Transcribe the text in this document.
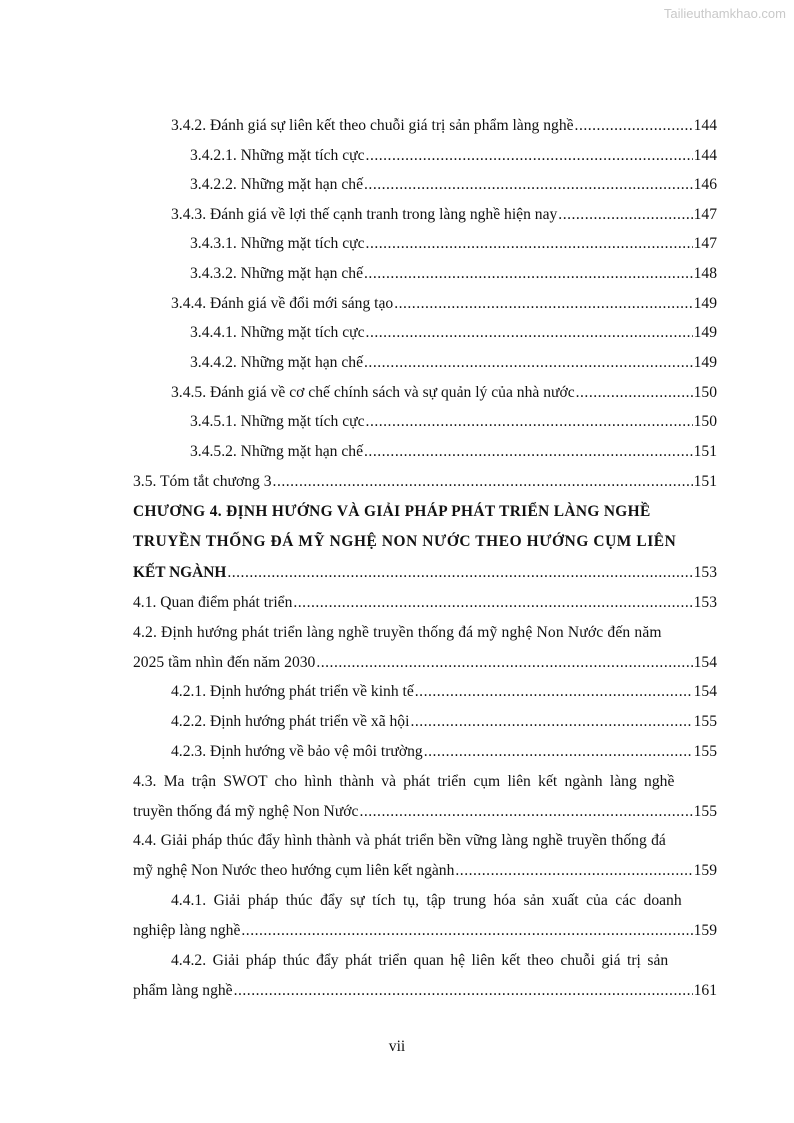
Tailieuthamkhao.com
3.4.2. Đánh giá sự liên kết theo chuỗi giá trị sản phẩm làng nghề .....	144
3.4.2.1. Những mặt tích cực .....	144
3.4.2.2. Những mặt hạn chế .....	146
3.4.3. Đánh giá về lợi thế cạnh tranh trong làng nghề hiện nay .....	147
3.4.3.1. Những mặt tích cực .....	147
3.4.3.2. Những mặt hạn chế .....	148
3.4.4. Đánh giá về đổi mới sáng tạo .....	149
3.4.4.1. Những mặt tích cực .....	149
3.4.4.2. Những mặt hạn chế .....	149
3.4.5. Đánh giá về cơ chế chính sách và sự quản lý của nhà nước .....	150
3.4.5.1. Những mặt tích cực .....	150
3.4.5.2. Những mặt hạn chế .....	151
3.5. Tóm tắt chương 3 .....	151
CHƯƠNG 4. ĐỊNH HƯỚNG VÀ GIẢI PHÁP PHÁT TRIỂN LÀNG NGHỀ
TRUYỀN THỐNG ĐÁ MỸ NGHỆ NON NƯỚC THEO HƯỚNG CỤM LIÊN
KẾT NGÀNH .....	153
4.1. Quan điểm phát triển .....	153
4.2. Định hướng phát triển làng nghề truyền thống đá mỹ nghệ Non Nước đến năm
2025 tầm nhìn đến năm 2030 .....	154
4.2.1. Định hướng phát triển về kinh tế .....	154
4.2.2. Định hướng phát triển về xã hội .....	155
4.2.3. Định hướng về bảo vệ môi trường .....	155
4.3. Ma trận SWOT cho hình thành và phát triển cụm liên kết ngành làng nghề
truyền thống đá mỹ nghệ Non Nước .....	155
4.4. Giải pháp thúc đẩy hình thành và phát triển bền vững làng nghề truyền thống đá
mỹ nghệ Non Nước theo hướng cụm liên kết ngành .....	159
4.4.1. Giải pháp thúc đẩy sự tích tụ, tập trung hóa sản xuất của các doanh
nghiệp làng nghề .....	159
4.4.2. Giải pháp thúc đẩy phát triển quan hệ liên kết theo chuỗi giá trị sản
phẩm làng nghề .....	161
vii
